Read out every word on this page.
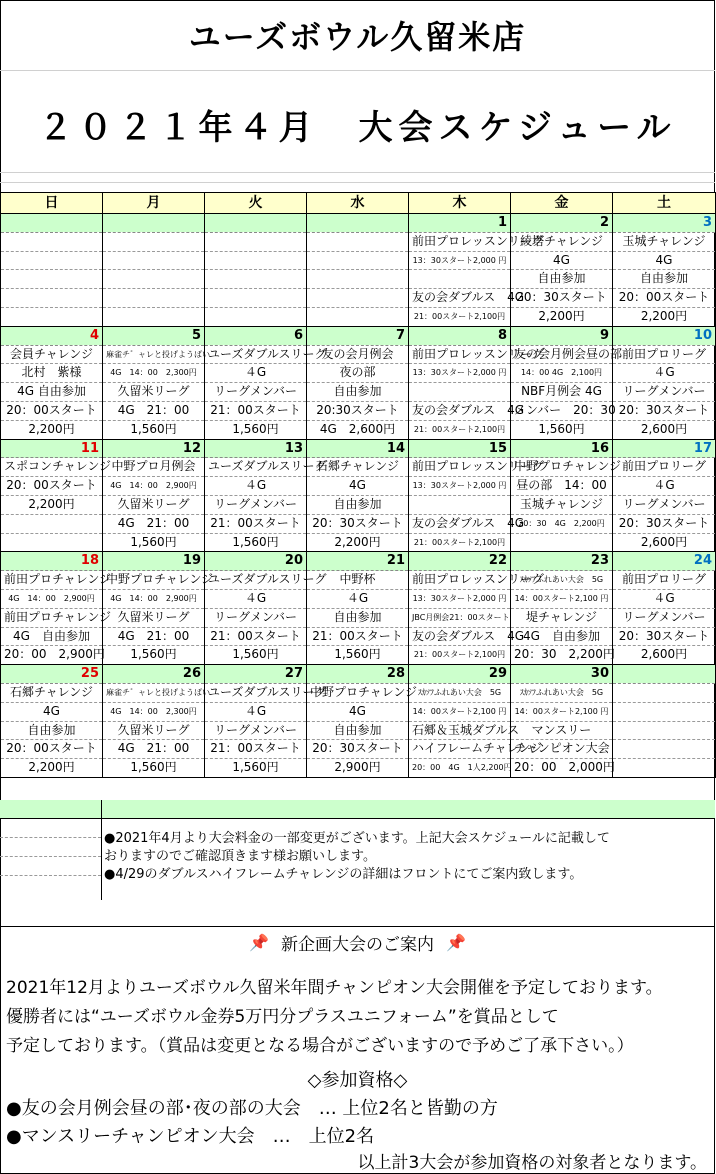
ユーズボウル久留米店
２０２１年４月　大会スケジュール
日	月	火	水	木	金	土
				1	2	3
				前田プロレッスンリーグ	綾塔チャレンジ	玉城チャレンジ
				13：30スタート2,000 円	4G	4G
					自由参加	自由参加
				友の会ダブルス　4G	20：30スタート	20：00スタート
				21：00スタート2,100円	2,200円	2,200円
4	5	6	7	8	9	10
会員チャレンジ	麻雀チ゛ャレと投げようばい	ユーズダブルスリーグ	友の会月例会	前田プロレッスンリーグ	友の会月例会昼の部	前田プロリーグ
北村　紫様	4G　14：00　2,300円	４G	夜の部	13：30スタート2,000 円	14：00 4G　2,100円	４G
4G 自由参加	久留米リーグ	リーグメンバー	自由参加		NBF月例会 4G	リーグメンバー
20：00スタート	4G　21：00	21：00スタート	20:30スタート	友の会ダブルス　4G	メンバー　20：30	20：30スタート
2,200円	1,560円	1,560円	4G　2,600円	21：00スタート2,100円	1,560円	2,600円
11	12	13	14	15	16	17
スポコンチャレンジ	中野プロ月例会	ユーズダブルスリーグ	石郷チャレンジ	前田プロレッスンリーグ	中野プロチャレンジ	前田プロリーグ
20：00スタート	4G　14：00　2,900円	４G	4G	13：30スタート2,000 円	昼の部　14：00	４G
2,200円	久留米リーグ	リーグメンバー	自由参加		玉城チャレンジ	リーグメンバー
	4G　21：00	21：00スタート	20：30スタート	友の会ダブルス　4G	20：30　4G　2,200円	20：30スタート
	1,560円	1,560円	2,200円	21：00スタート2,100円		2,600円
18	19	20	21	22	23	24
前田プロチャレンジ	中野プロチャレンジ	ユーズダブルスリーグ	中野杯	前田プロレッスンリーグ	ｽｶｿﾌふれあい大会　5G	前田プロリーグ
4G　14：00　2,900円	4G　14：00　2,900円	４G	４G	13：30スタート2,000 円	14：00スタート2,100 円	４G
前田プロチャレンジ	久留米リーグ	リーグメンバー	自由参加	JBC月例会21：00スタート	堤チャレンジ	リーグメンバー
4G　自由参加	4G　21：00	21：00スタート	21：00スタート	友の会ダブルス　4G	4G　自由参加	20：30スタート
20：00　2,900円	1,560円	1,560円	1,560円	21：00スタート2,100円	20：30　2,200円	2,600円
25	26	27	28	29	30	
石郷チャレンジ	麻雀チ゛ャレと投げようばい	ユーズダブルスリーグ	中野プロチャレンジ	ｽｶｿﾌふれあい大会　5G	ｽｶｿﾌふれあい大会　5G	
4G	4G　14：00　2,300円	４G	4G	14：00スタート2,100 円	14：00スタート2,100 円	
自由参加	久留米リーグ	リーグメンバー	自由参加	石郷＆玉城ダブルス	マンスリー	
20：00スタート	4G　21：00	21：00スタート	20：30スタート	ハイフレームチャレンジ	チャンピオン大会	
2,200円	1,560円	1,560円	2,900円	20：00　4G　1人2,200円	20：00　2,000円	
●2021年4月より大会料金の一部変更がございます。上記大会スケジュールに記載して
おりますのでご確認頂きます様お願いします。
●4/29のダブルスハイフレームチャレンジの詳細はフロントにてご案内致します。
📌 新企画大会のご案内 📌
2021年12月よりユーズボウル久留米年間チャンピオン大会開催を予定しております。
優勝者には“ユーズボウル金券5万円分プラスユニフォーム”を賞品として
予定しております。（賞品は変更となる場合がございますので予めご了承下さい。）
◇参加資格◇
●友の会月例会昼の部･夜の部の大会　… 上位2名と皆勤の方
●マンスリーチャンピオン大会　…　上位2名
以上計3大会が参加資格の対象者となります。
